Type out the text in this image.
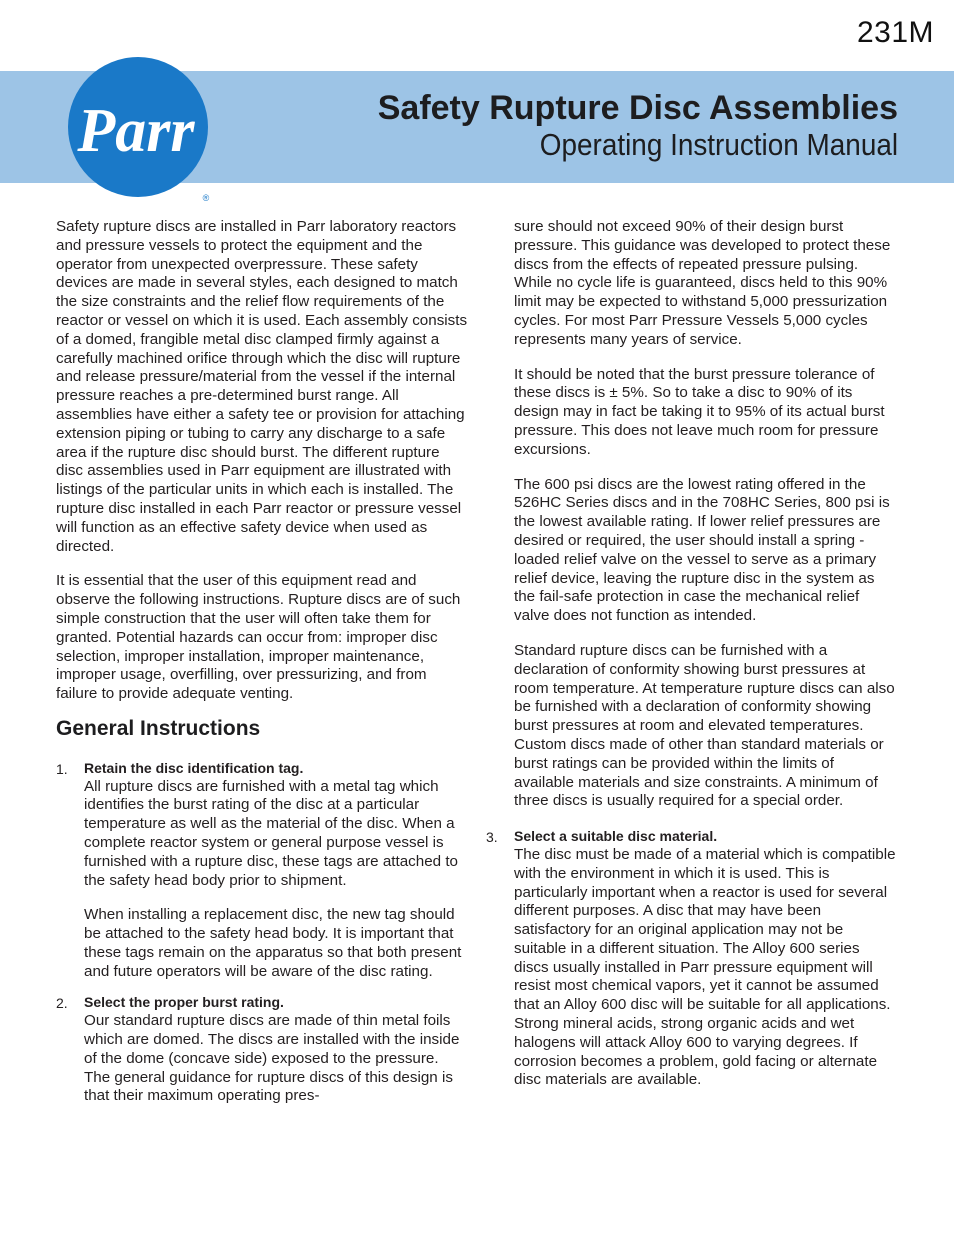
231M
Parr
®
Safety Rupture Disc Assemblies
Operating Instruction Manual

Safety rupture discs are installed in Parr laboratory reactors and pressure vessels to protect the equipment and the operator from unexpected overpressure. These safety devices are made in several styles, each designed to match the size constraints and the relief flow requirements of the reactor or vessel on which it is used. Each assembly consists of a domed, frangible metal disc clamped firmly against a carefully machined orifice through which the disc will rupture and release pressure/material from the vessel if the internal pressure reaches a pre-determined burst range. All assemblies have either a safety tee or provision for attaching extension piping or tubing to carry any discharge to a safe area if the rupture disc should burst. The different rupture disc assemblies used in Parr equipment are illustrated with listings of the particular units in which each is installed. The rupture disc installed in each Parr reactor or pressure vessel will function as an effective safety device when used as directed.

It is essential that the user of this equipment read and observe the following instructions. Rupture discs are of such simple construction that the user will often take them for granted. Potential hazards can occur from: improper disc selection, improper installation, improper maintenance, improper usage, overfilling, over pressurizing, and from failure to provide adequate venting.

General Instructions
1. Retain the disc identification tag.

All rupture discs are furnished with a metal tag which identifies the burst rating of the disc at a particular temperature as well as the material of the disc. When a complete reactor system or general purpose vessel is furnished with a rupture disc, these tags are attached to the safety head body prior to shipment.

When installing a replacement disc, the new tag should be attached to the safety head body. It is important that these tags remain on the apparatus so that both present and future operators will be aware of the disc rating.

2. Select the proper burst rating.

Our standard rupture discs are made of thin metal foils which are domed. The discs are installed with the inside of the dome (concave side) exposed to the pressure. The general guidance for rupture discs of this design is that their maximum operating pres-

sure should not exceed 90% of their design burst pressure. This guidance was developed to protect these discs from the effects of repeated pressure pulsing. While no cycle life is guaranteed, discs held to this 90% limit may be expected to withstand 5,000 pressurization cycles. For most Parr Pressure Vessels 5,000 cycles represents many years of service.

It should be noted that the burst pressure tolerance of these discs is ± 5%. So to take a disc to 90% of its design may in fact be taking it to 95% of its actual burst pressure. This does not leave much room for pressure excursions.

The 600 psi discs are the lowest rating offered in the 526HC Series discs and in the 708HC Series, 800 psi is the lowest available rating. If lower relief pressures are desired or required, the user should install a spring - loaded relief valve on the vessel to serve as a primary relief device, leaving the rupture disc in the system as the fail-safe protection in case the mechanical relief valve does not function as intended.

Standard rupture discs can be furnished with a declaration of conformity showing burst pressures at room temperature. At temperature rupture discs can also be furnished with a declaration of conformity showing burst pressures at room and elevated temperatures. Custom discs made of other than standard materials or burst ratings can be provided within the limits of available materials and size constraints. A minimum of three discs is usually required for a special order.

3. Select a suitable disc material.

The disc must be made of a material which is compatible with the environment in which it is used. This is particularly important when a reactor is used for several different purposes. A disc that may have been satisfactory for an original application may not be suitable in a different situation. The Alloy 600 series discs usually installed in Parr pressure equipment will resist most chemical vapors, yet it cannot be assumed that an Alloy 600 disc will be suitable for all applications. Strong mineral acids, strong organic acids and wet halogens will attack Alloy 600 to varying degrees. If corrosion becomes a problem, gold facing or alternate disc materials are available.
